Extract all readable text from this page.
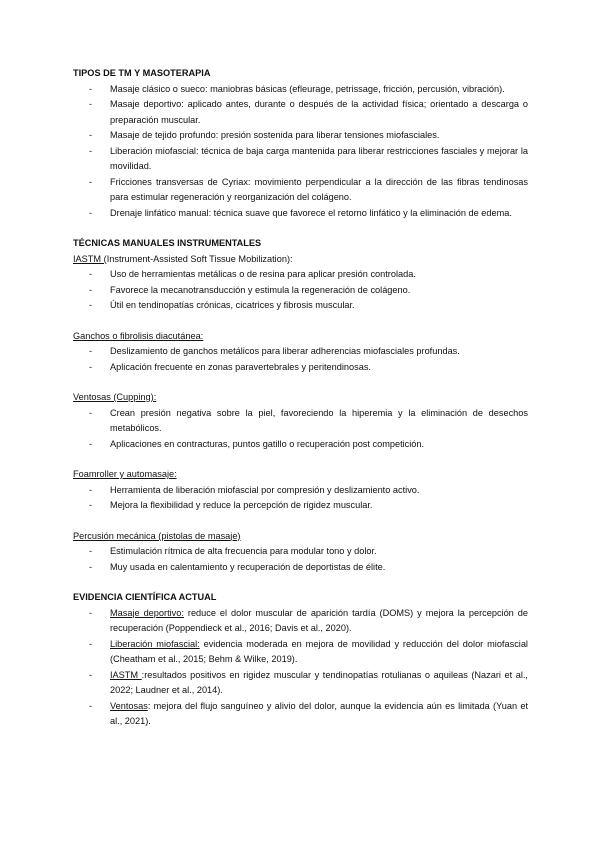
TIPOS DE TM Y MASOTERAPIA

- Masaje clásico o sueco: maniobras básicas (efleurage, petrissage, fricción, percusión, vibración).
- Masaje deportivo: aplicado antes, durante o después de la actividad física; orientado a descarga o preparación muscular.
- Masaje de tejido profundo: presión sostenida para liberar tensiones miofasciales.
- Liberación miofascial: técnica de baja carga mantenida para liberar restricciones fasciales y mejorar la movilidad.
- Fricciones transversas de Cyriax: movimiento perpendicular a la dirección de las fibras tendinosas para estimular regeneración y reorganización del colágeno.
- Drenaje linfático manual: técnica suave que favorece el retorno linfático y la eliminación de edema.

TÉCNICAS MANUALES INSTRUMENTALES

IASTM (Instrument-Assisted Soft Tissue Mobilization):

- Uso de herramientas metálicas o de resina para aplicar presión controlada.
- Favorece la mecanotransducción y estimula la regeneración de colágeno.
- Útil en tendinopatías crónicas, cicatrices y fibrosis muscular.

Ganchos o fibrolisis diacutánea:

- Deslizamiento de ganchos metálicos para liberar adherencias miofasciales profundas.
- Aplicación frecuente en zonas paravertebrales y peritendinosas.

Ventosas (Cupping):

- Crean presión negativa sobre la piel, favoreciendo la hiperemia y la eliminación de desechos metabólicos.
- Aplicaciones en contracturas, puntos gatillo o recuperación post competición.

Foamroller y automasaje:

- Herramienta de liberación miofascial por compresión y deslizamiento activo.
- Mejora la flexibilidad y reduce la percepción de rigidez muscular.

Percusión mecánica (pistolas de masaje)

- Estimulación rítmica de alta frecuencia para modular tono y dolor.
- Muy usada en calentamiento y recuperación de deportistas de élite.

EVIDENCIA CIENTÍFICA ACTUAL

- Masaje deportivo: reduce el dolor muscular de aparición tardía (DOMS) y mejora la percepción de recuperación (Poppendieck et al., 2016; Davis et al., 2020).
- Liberación miofascial: evidencia moderada en mejora de movilidad y reducción del dolor miofascial (Cheatham et al., 2015; Behm & Wilke, 2019).
- IASTM :resultados positivos en rigidez muscular y tendinopatías rotulianas o aquileas (Nazari et al., 2022; Laudner et al., 2014).
- Ventosas: mejora del flujo sanguíneo y alivio del dolor, aunque la evidencia aún es limitada (Yuan et al., 2021).
